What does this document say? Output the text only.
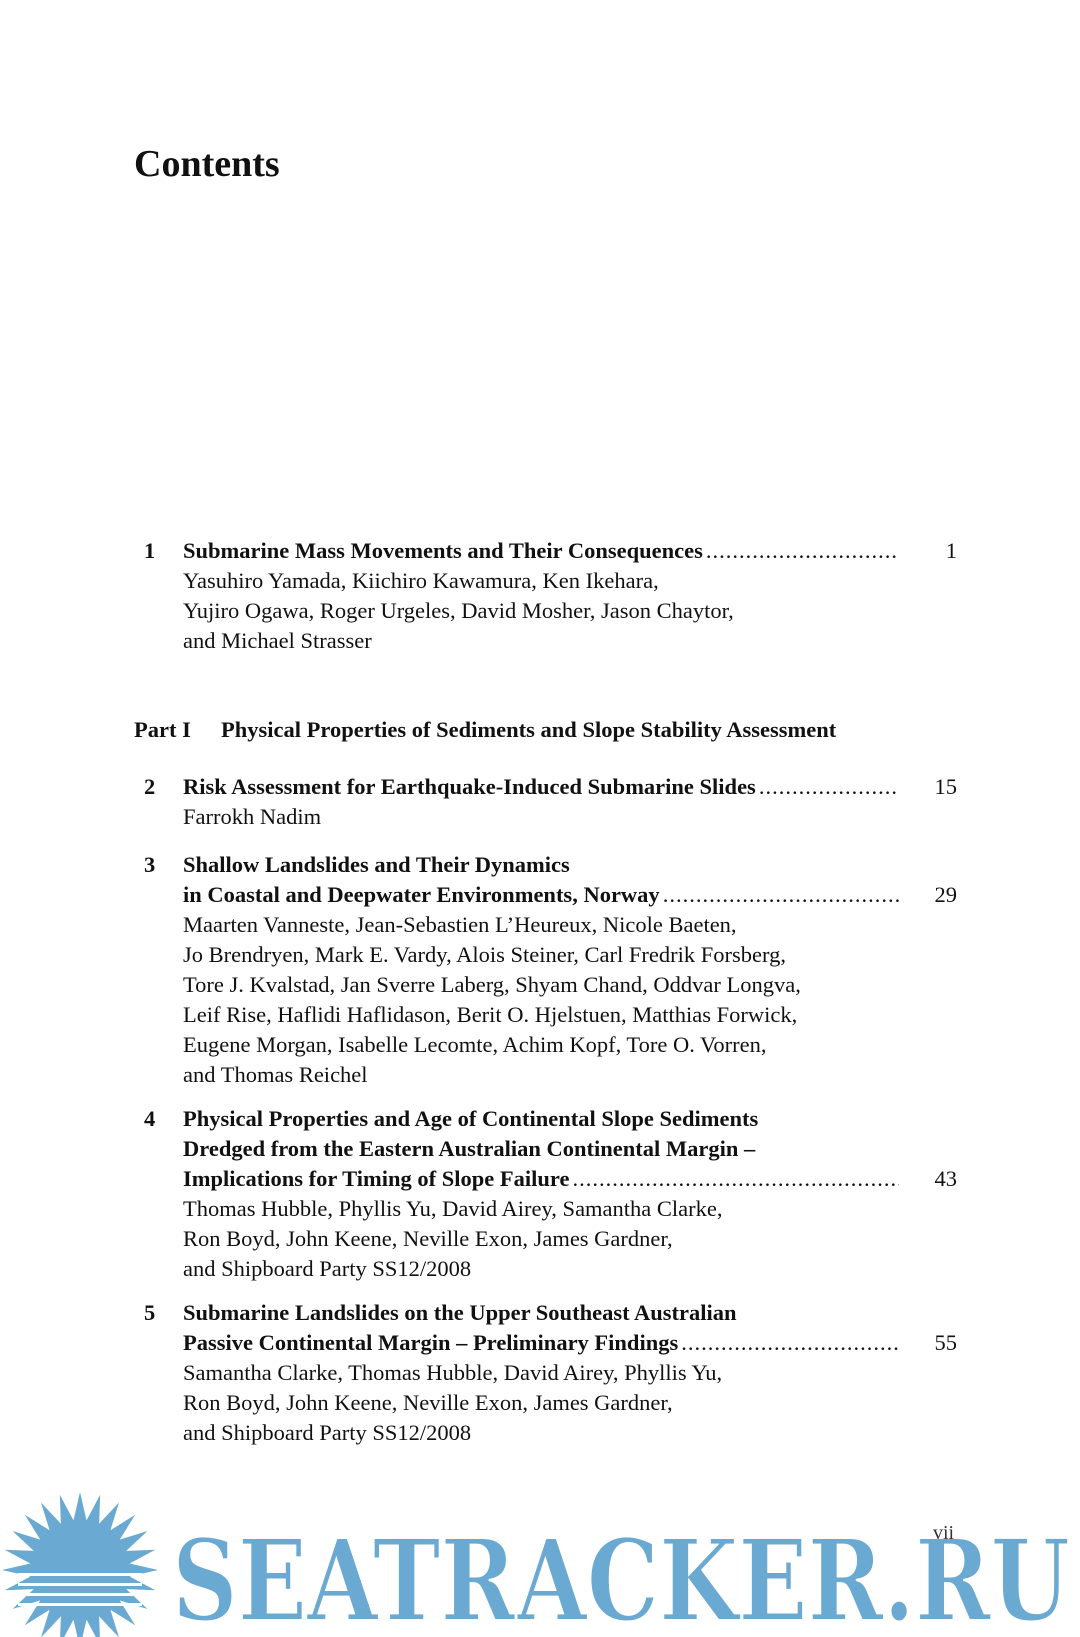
Contents
1 Submarine Mass Movements and Their Consequences
.....
Yasuhiro Yamada, Kiichiro Kawamura, Ken Ikehara,
Yujiro Ogawa, Roger Urgeles, David Mosher, Jason Chaytor,
and Michael Strasser
1
Part I Physical Properties of Sediments and Slope Stability Assessment
2 Risk Assessment for Earthquake-Induced Submarine Slides
.....
Farrokh Nadim
15
3 Shallow Landslides and Their Dynamics
in Coastal and Deepwater Environments, Norway
.....
Maarten Vanneste, Jean-Sebastien L’Heureux, Nicole Baeten,
Jo Brendryen, Mark E. Vardy, Alois Steiner, Carl Fredrik Forsberg,
Tore J. Kvalstad, Jan Sverre Laberg, Shyam Chand, Oddvar Longva,
Leif Rise, Haflidi Haflidason, Berit O. Hjelstuen, Matthias Forwick,
Eugene Morgan, Isabelle Lecomte, Achim Kopf, Tore O. Vorren,
and Thomas Reichel
29
4 Physical Properties and Age of Continental Slope Sediments
Dredged from the Eastern Australian Continental Margin –
Implications for Timing of Slope Failure
.....
Thomas Hubble, Phyllis Yu, David Airey, Samantha Clarke,
Ron Boyd, John Keene, Neville Exon, James Gardner,
and Shipboard Party SS12/2008
43
5 Submarine Landslides on the Upper Southeast Australian
Passive Continental Margin – Preliminary Findings
.....
Samantha Clarke, Thomas Hubble, David Airey, Phyllis Yu,
Ron Boyd, John Keene, Neville Exon, James Gardner,
and Shipboard Party SS12/2008
55
SEATRACKER.RU
vii
